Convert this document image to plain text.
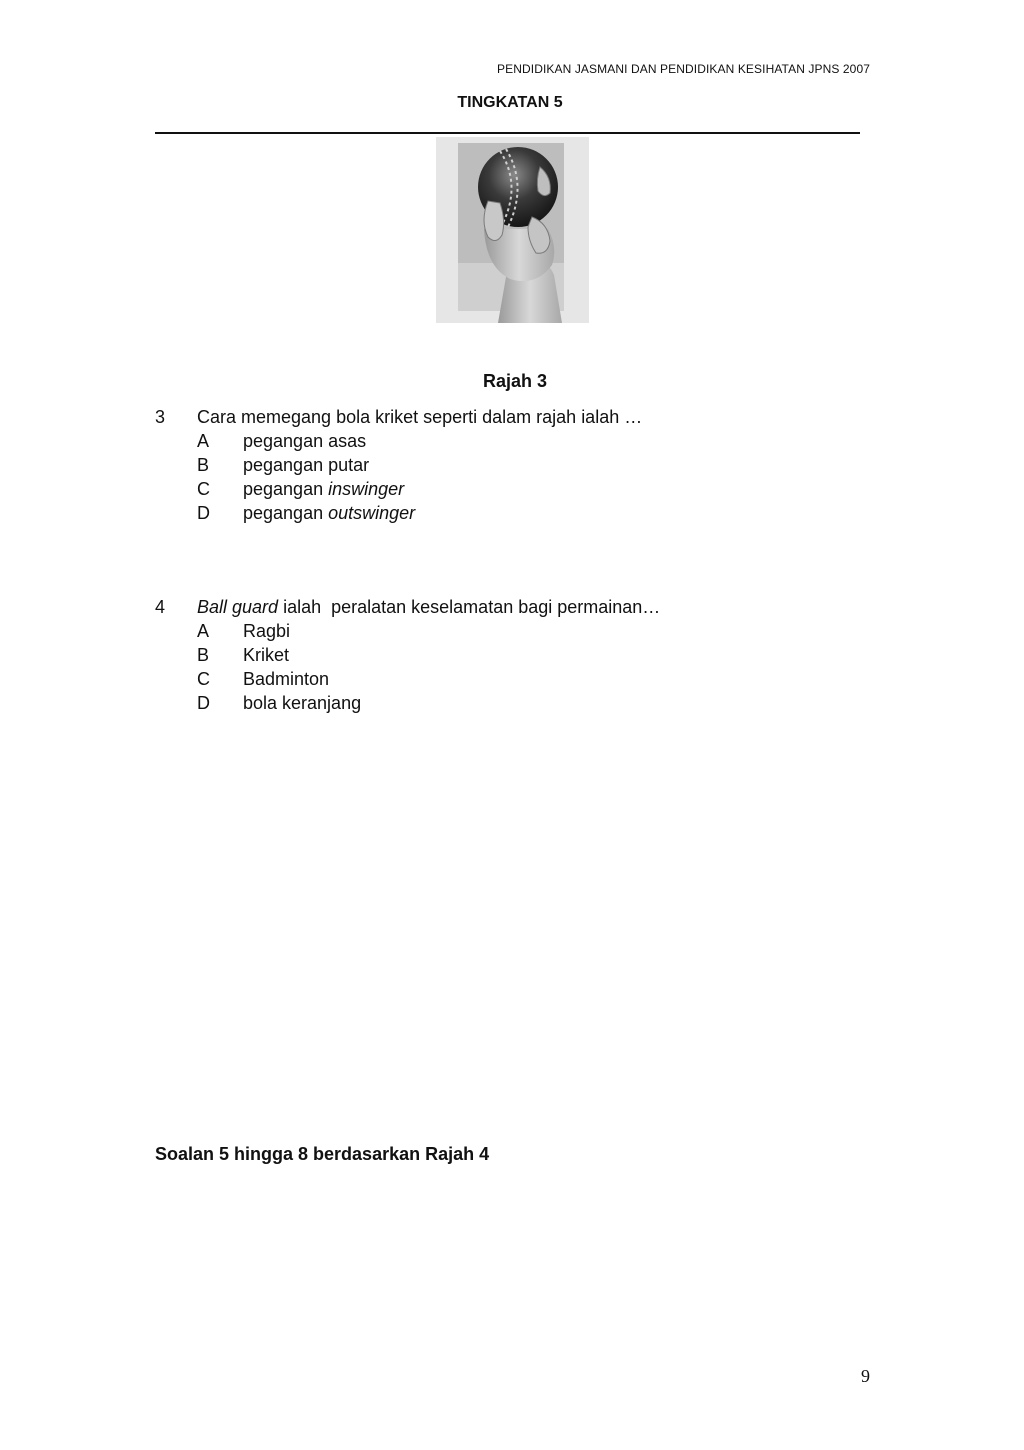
PENDIDIKAN JASMANI DAN PENDIDIKAN KESIHATAN JPNS 2007
TINGKATAN 5
Rajah 3
3 Cara memegang bola kriket seperti dalam rajah ialah …
A pegangan asas
B pegangan putar
C pegangan inswinger
D pegangan outswinger
4 Ball guard ialah  peralatan keselamatan bagi permainan…
A Ragbi
B Kriket
C Badminton
D bola keranjang
Soalan 5 hingga 8 berdasarkan Rajah 4
9
